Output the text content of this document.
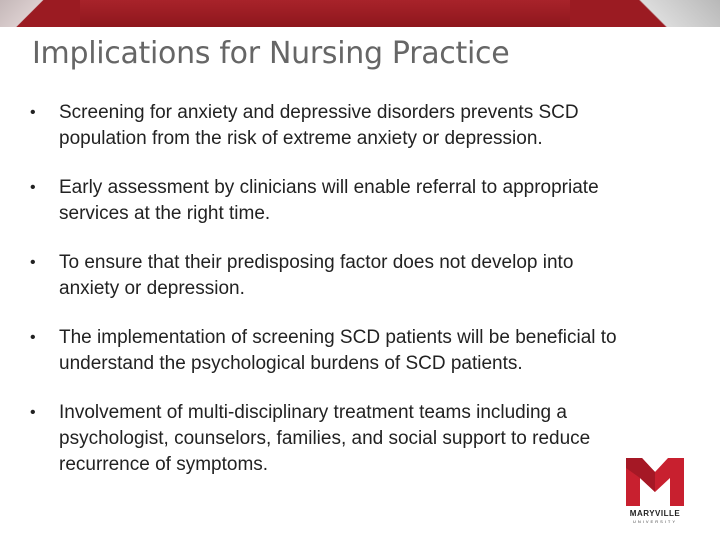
Implications for Nursing Practice
• Screening for anxiety and depressive disorders prevents SCD population from the risk of extreme anxiety or depression.
• Early assessment by clinicians will enable referral to appropriate services at the right time.
• To ensure that their predisposing factor does not develop into anxiety or depression.
• The implementation of screening SCD patients will be beneficial to understand the psychological burdens of SCD patients.
• Involvement of multi-disciplinary treatment teams including a psychologist, counselors, families, and social support to reduce recurrence of symptoms.
MARYVILLE
UNIVERSITY
